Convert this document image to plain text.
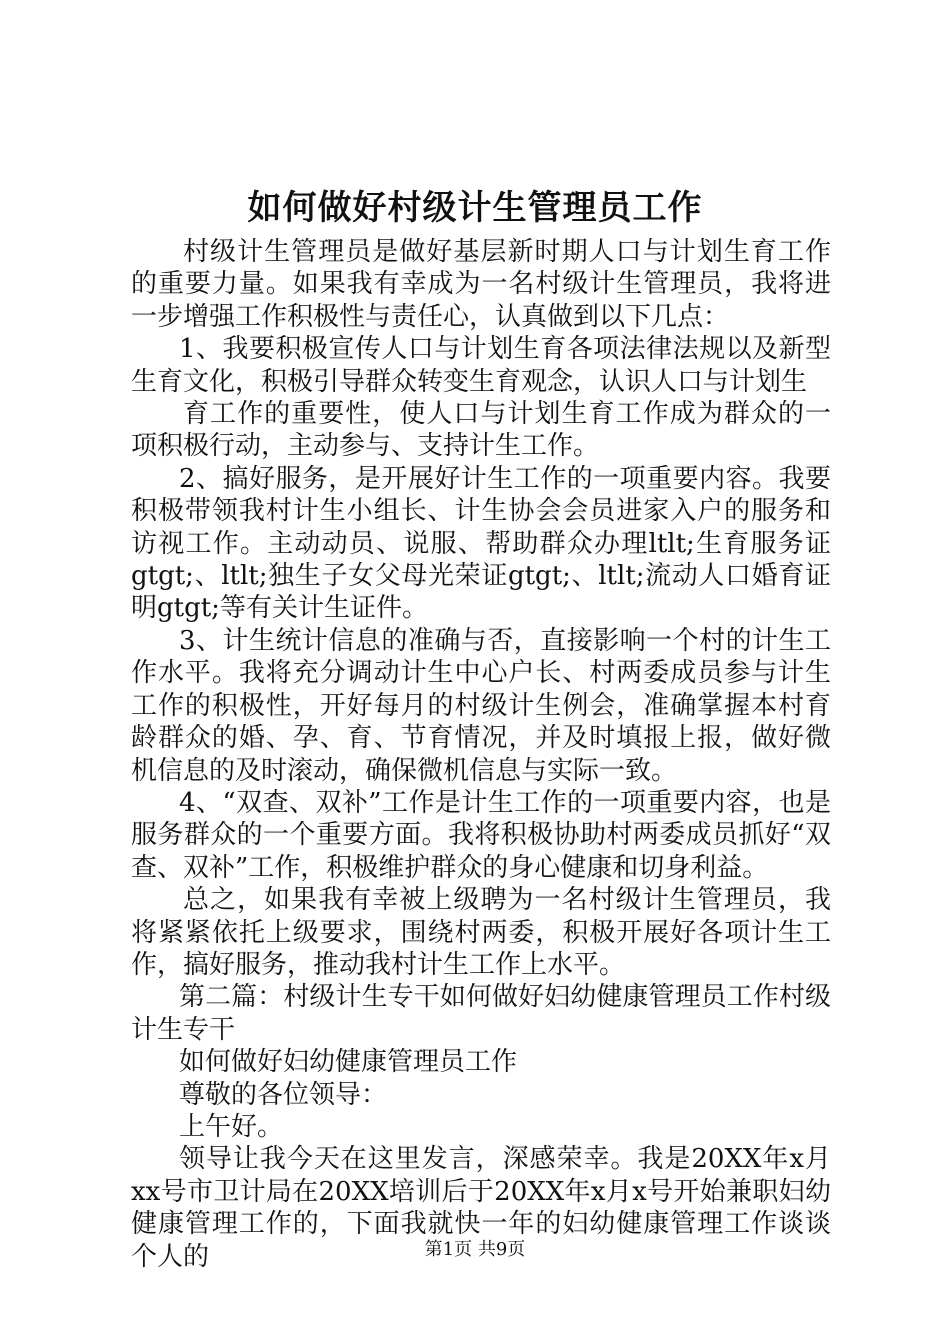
如何做好村级计生管理员工作

村级计生管理员是做好基层新时期人口与计划生育工作的重要力量。如果我有幸成为一名村级计生管理员，我将进一步增强工作积极性与责任心，认真做到以下几点：

1、我要积极宣传人口与计划生育各项法律法规以及新型生育文化，积极引导群众转变生育观念，认识人口与计划生

育工作的重要性，使人口与计划生育工作成为群众的一项积极行动，主动参与、支持计生工作。

2、搞好服务，是开展好计生工作的一项重要内容。我要积极带领我村计生小组长、计生协会会员进家入户的服务和访视工作。主动动员、说服、帮助群众办理ltlt;生育服务证gtgt;、ltlt;独生子女父母光荣证gtgt;、ltlt;流动人口婚育证明gtgt;等有关计生证件。

3、计生统计信息的准确与否，直接影响一个村的计生工作水平。我将充分调动计生中心户长、村两委成员参与计生工作的积极性，开好每月的村级计生例会，准确掌握本村育龄群众的婚、孕、育、节育情况，并及时填报上报，做好微机信息的及时滚动，确保微机信息与实际一致。

4、“双查、双补”工作是计生工作的一项重要内容，也是服务群众的一个重要方面。我将积极协助村两委成员抓好“双查、双补”工作，积极维护群众的身心健康和切身利益。

总之，如果我有幸被上级聘为一名村级计生管理员，我将紧紧依托上级要求，围绕村两委，积极开展好各项计生工作，搞好服务，推动我村计生工作上水平。

第二篇：村级计生专干如何做好妇幼健康管理员工作村级计生专干

如何做好妇幼健康管理员工作

尊敬的各位领导：

上午好。

领导让我今天在这里发言，深感荣幸。我是20XX年x月xx号市卫计局在20XX培训后于20XX年x月x号开始兼职妇幼健康管理工作的，下面我就快一年的妇幼健康管理工作谈谈个人的	第1页 共9页
